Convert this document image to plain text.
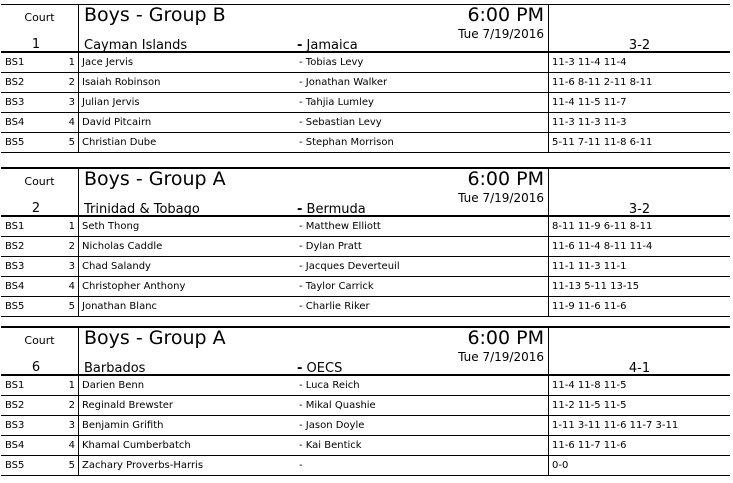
Court
1
Boys - Group B	6:00 PM
Tue 7/19/2016
Cayman Islands	- Jamaica	3-2
BS1	1 Jace Jervis	- Tobias Levy	11-3 11-4 11-4
BS2	2 Isaiah Robinson	- Jonathan Walker	11-6 8-11 2-11 8-11
BS3	3 Julian Jervis	- Tahjia Lumley	11-4 11-5 11-7
BS4	4 David Pitcairn	- Sebastian Levy	11-3 11-3 11-3
BS5	5 Christian Dube	- Stephan Morrison	5-11 7-11 11-8 6-11
Court
2
Boys - Group A	6:00 PM
Tue 7/19/2016
Trinidad & Tobago	- Bermuda	3-2
BS1	1 Seth Thong	- Matthew Elliott	8-11 11-9 6-11 8-11
BS2	2 Nicholas Caddle	- Dylan Pratt	11-6 11-4 8-11 11-4
BS3	3 Chad Salandy	- Jacques Deverteuil	11-1 11-3 11-1
BS4	4 Christopher Anthony	- Taylor Carrick	11-13 5-11 13-15
BS5	5 Jonathan Blanc	- Charlie Riker	11-9 11-6 11-6
Court
6
Boys - Group A	6:00 PM
Tue 7/19/2016
Barbados	- OECS	4-1
BS1	1 Darien Benn	- Luca Reich	11-4 11-8 11-5
BS2	2 Reginald Brewster	- Mikal Quashie	11-2 11-5 11-5
BS3	3 Benjamin Grifith	- Jason Doyle	1-11 3-11 11-6 11-7 3-11
BS4	4 Khamal Cumberbatch	- Kai Bentick	11-6 11-7 11-6
BS5	5 Zachary Proverbs-Harris	-	0-0
